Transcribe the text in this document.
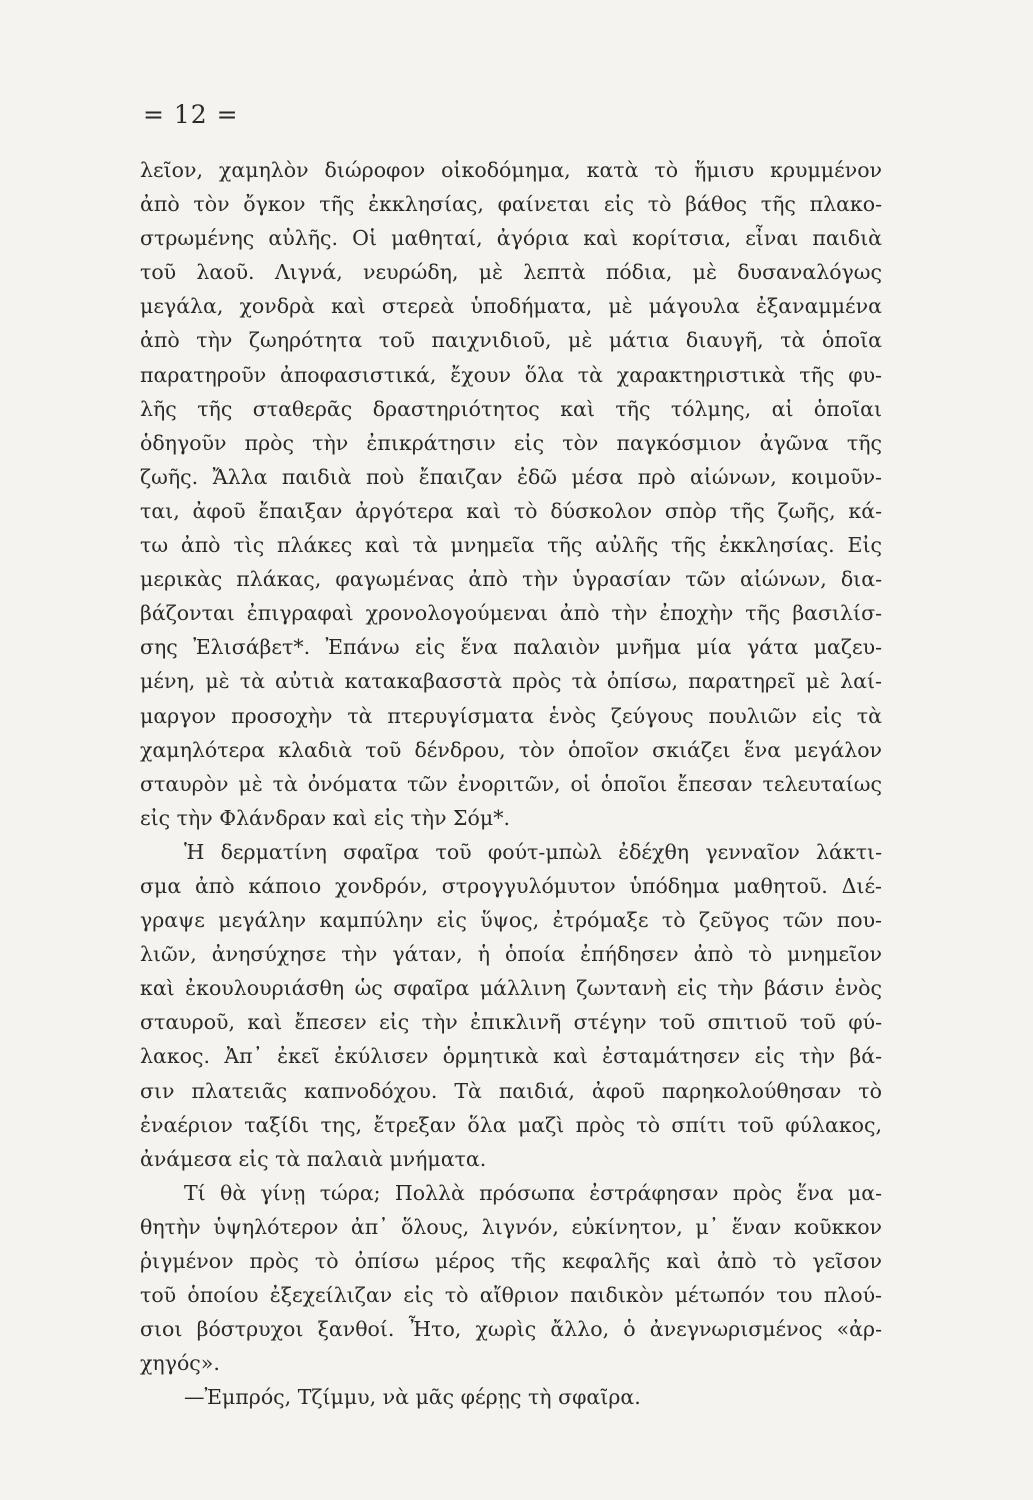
= 12 =
λεῖον, χαμηλὸν διώροφον οἰκοδόμημα, κατὰ τὸ ἥμισυ κρυμμένον
ἀπὸ τὸν ὄγκον τῆς ἐκκλησίας, φαίνεται εἰς τὸ βάθος τῆς πλακο-
στρωμένης αὐλῆς. Οἱ μαθηταί, ἀγόρια καὶ κορίτσια, εἶναι παιδιὰ
τοῦ λαοῦ. Λιγνά, νευρώδη, μὲ λεπτὰ πόδια, μὲ δυσαναλόγως
μεγάλα, χονδρὰ καὶ στερεὰ ὑποδήματα, μὲ μάγουλα ἐξαναμμένα
ἀπὸ τὴν ζωηρότητα τοῦ παιχνιδιοῦ, μὲ μάτια διαυγῆ, τὰ ὁποῖα
παρατηροῦν ἀποφασιστικά, ἔχουν ὅλα τὰ χαρακτηριστικὰ τῆς φυ-
λῆς τῆς σταθερᾶς δραστηριότητος καὶ τῆς τόλμης, αἱ ὁποῖαι
ὁδηγοῦν πρὸς τὴν ἐπικράτησιν εἰς τὸν παγκόσμιον ἀγῶνα τῆς
ζωῆς. Ἄλλα παιδιὰ ποὺ ἔπαιζαν ἐδῶ μέσα πρὸ αἰώνων, κοιμοῦν-
ται, ἀφοῦ ἔπαιξαν ἀργότερα καὶ τὸ δύσκολον σπὸρ τῆς ζωῆς, κά-
τω ἀπὸ τὶς πλάκες καὶ τὰ μνημεῖα τῆς αὐλῆς τῆς ἐκκλησίας. Εἰς
μερικὰς πλάκας, φαγωμένας ἀπὸ τὴν ὑγρασίαν τῶν αἰώνων, δια-
βάζονται ἐπιγραφαὶ χρονολογούμεναι ἀπὸ τὴν ἐποχὴν τῆς βασιλίσ-
σης Ἐλισάβετ*. Ἐπάνω εἰς ἕνα παλαιὸν μνῆμα μία γάτα μαζευ-
μένη, μὲ τὰ αὐτιὰ κατακαβασστὰ πρὸς τὰ ὀπίσω, παρατηρεῖ μὲ λαί-
μαργον προσοχὴν τὰ πτερυγίσματα ἑνὸς ζεύγους πουλιῶν εἰς τὰ
χαμηλότερα κλαδιὰ τοῦ δένδρου, τὸν ὁποῖον σκιάζει ἕνα μεγάλον
σταυρὸν μὲ τὰ ὀνόματα τῶν ἐνοριτῶν, οἱ ὁποῖοι ἔπεσαν τελευταίως
εἰς τὴν Φλάνδραν καὶ εἰς τὴν Σόμ*.
Ἡ δερματίνη σφαῖρα τοῦ φούτ-μπὼλ ἐδέχθη γενναῖον λάκτι-
σμα ἀπὸ κάποιο χονδρόν, στρογγυλόμυτον ὑπόδημα μαθητοῦ. Διέ-
γραψε μεγάλην καμπύλην εἰς ὕψος, ἐτρόμαξε τὸ ζεῦγος τῶν που-
λιῶν, ἀνησύχησε τὴν γάταν, ἡ ὁποία ἐπήδησεν ἀπὸ τὸ μνημεῖον
καὶ ἐκουλουριάσθη ὡς σφαῖρα μάλλινη ζωντανὴ εἰς τὴν βάσιν ἑνὸς
σταυροῦ, καὶ ἔπεσεν εἰς τὴν ἐπικλινῆ στέγην τοῦ σπιτιοῦ τοῦ φύ-
λακος. Ἀπ᾿ ἐκεῖ ἐκύλισεν ὁρμητικὰ καὶ ἐσταμάτησεν εἰς τὴν βά-
σιν πλατειᾶς καπνοδόχου. Τὰ παιδιά, ἀφοῦ παρηκολούθησαν τὸ
ἐναέριον ταξίδι της, ἔτρεξαν ὅλα μαζὶ πρὸς τὸ σπίτι τοῦ φύλακος,
ἀνάμεσα εἰς τὰ παλαιὰ μνήματα.
Τί θὰ γίνῃ τώρα; Πολλὰ πρόσωπα ἐστράφησαν πρὸς ἕνα μα-
θητὴν ὑψηλότερον ἀπ᾿ ὅλους, λιγνόν, εὐκίνητον, μ᾿ ἕναν κοῦκκον
ῥιγμένον πρὸς τὸ ὀπίσω μέρος τῆς κεφαλῆς καὶ ἀπὸ τὸ γεῖσον
τοῦ ὁποίου ἐξεχείλιζαν εἰς τὸ αἴθριον παιδικὸν μέτωπόν του πλού-
σιοι βόστρυχοι ξανθοί. Ἦτο, χωρὶς ἄλλο, ὁ ἀνεγνωρισμένος «ἀρ-
χηγός».
—Ἐμπρός, Τζίμμυ, νὰ μᾶς φέρῃς τὴ σφαῖρα.
